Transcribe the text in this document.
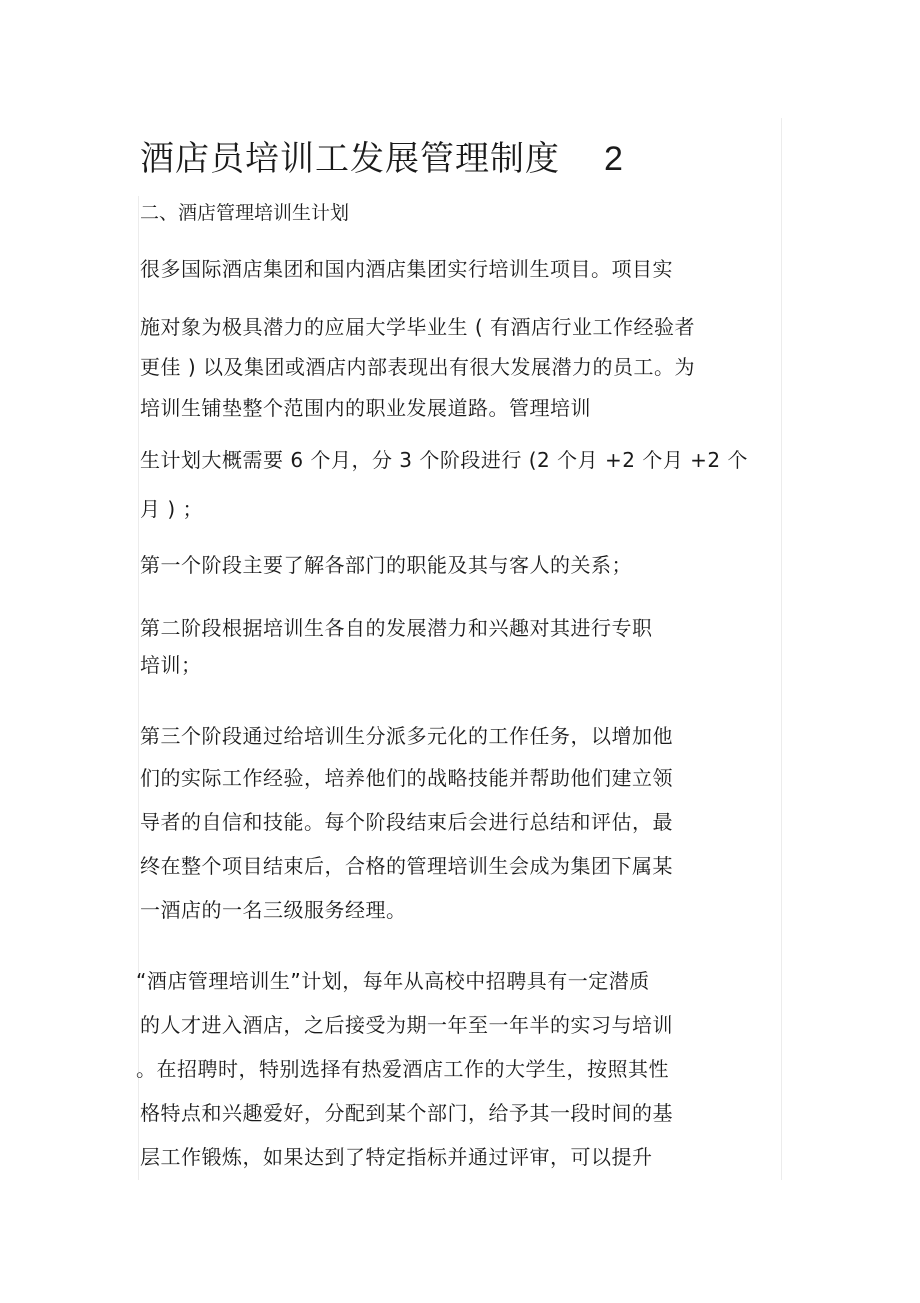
酒店员培训工发展管理制度 2
二、酒店管理培训生计划
很多国际酒店集团和国内酒店集团实行培训生项目。项目实
施对象为极具潜力的应届大学毕业生 ( 有酒店行业工作经验者
更佳 ) 以及集团或酒店内部表现出有很大发展潜力的员工。为
培训生铺垫整个范围内的职业发展道路。管理培训
生计划大概需要 6 个月，分 3 个阶段进行 (2 个月 +2 个月 +2 个
月 ) ；
第一个阶段主要了解各部门的职能及其与客人的关系；
第二阶段根据培训生各自的发展潜力和兴趣对其进行专职
培训；
第三个阶段通过给培训生分派多元化的工作任务，以增加他
们的实际工作经验，培养他们的战略技能并帮助他们建立领
导者的自信和技能。每个阶段结束后会进行总结和评估，最
终在整个项目结束后，合格的管理培训生会成为集团下属某
一酒店的一名三级服务经理。
“酒店管理培训生”计划，每年从高校中招聘具有一定潜质
的人才进入酒店，之后接受为期一年至一年半的实习与培训
。在招聘时，特别选择有热爱酒店工作的大学生，按照其性
格特点和兴趣爱好，分配到某个部门，给予其一段时间的基
层工作锻炼，如果达到了特定指标并通过评审，可以提升
